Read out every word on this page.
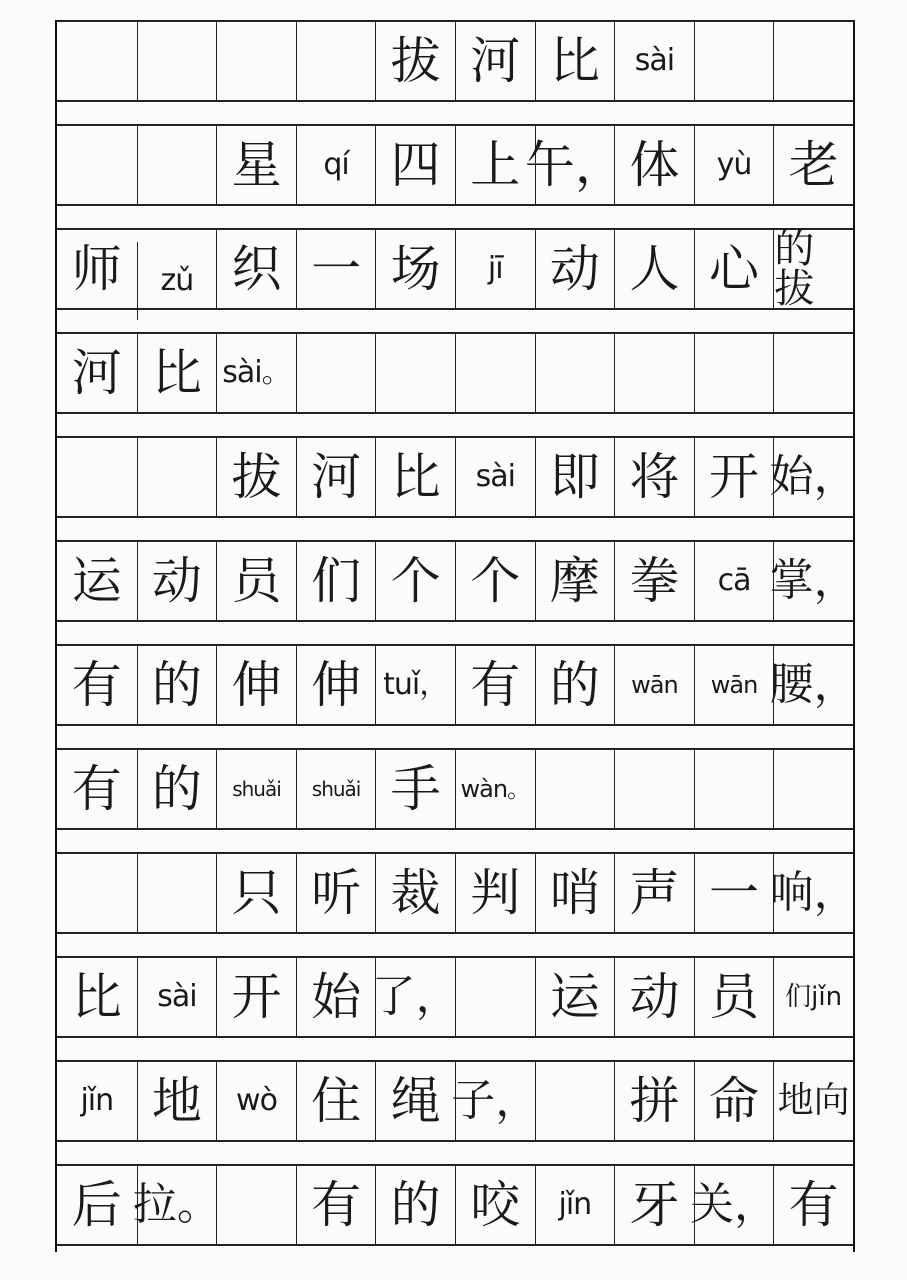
拔 河 比	sài
星	qí 四 上 午， 体	yù 老
师	zǔ 织 一 场	jī 动 人 心 的拔
河 比 sài。
拔 河 比	sài 即 将 开 始，
运 动 员 们 个 个 摩 拳	cā 掌，
有 的 伸 伸 tuǐ， 有 的	wān	wān 腰，
有 的	shuǎi	shuǎi 手 wàn。
只 听 裁 判 哨 声 一 响，
比	sài 开 始 了，	运 动 员	们jǐn
jǐn 地	wò 住 绳 子，	拼 命 地向
后 拉。	有 的 咬	jǐn 牙 关， 有
